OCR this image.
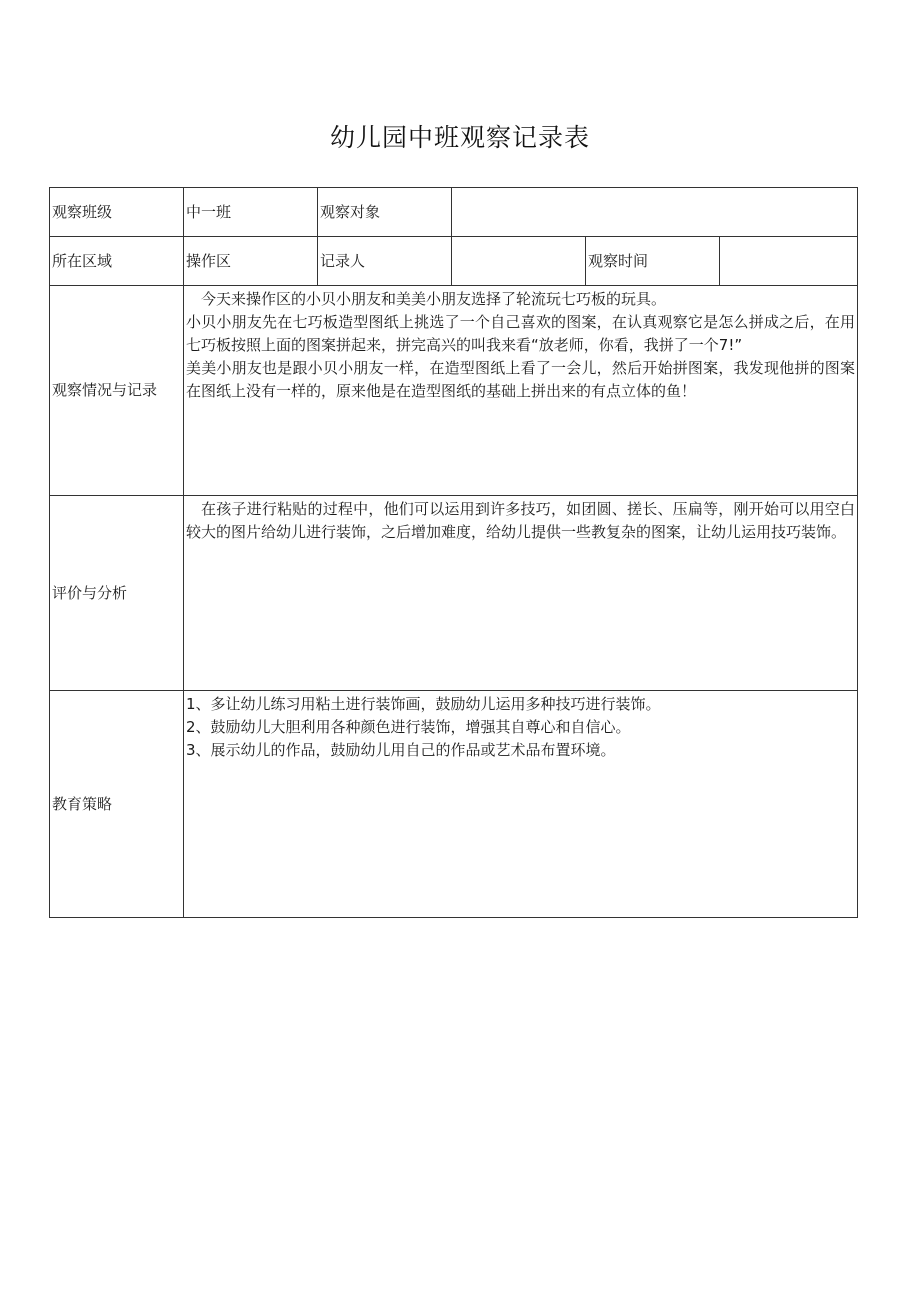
幼儿园中班观察记录表
观察班级	中一班	观察对象			
所在区域	操作区	记录人		观察时间	
观察情况与记录	今天来操作区的小贝小朋友和美美小朋友选择了轮流玩七巧板的玩具。

小贝小朋友先在七巧板造型图纸上挑选了一个自己喜欢的图案，在认真观察它是怎么拼成之后，在用七巧板按照上面的图案拼起来，拼完高兴的叫我来看“放老师，你看，我拼了一个7!”

美美小朋友也是跟小贝小朋友一样，在造型图纸上看了一会儿，然后开始拼图案，我发现他拼的图案在图纸上没有一样的，原来他是在造型图纸的基础上拼出来的有点立体的鱼！				

评价与分析	在孩子进行粘贴的过程中，他们可以运用到许多技巧，如团圆、搓长、压扁等，刚开始可以用空白较大的图片给幼儿进行装饰，之后增加难度，给幼儿提供一些教复杂的图案，让幼儿运用技巧装饰。				

教育策略	1、多让幼儿练习用粘土进行装饰画，鼓励幼儿运用多种技巧进行装饰。

2、鼓励幼儿大胆利用各种颜色进行装饰，增强其自尊心和自信心。

3、展示幼儿的作品，鼓励幼儿用自己的作品或艺术品布置环境。				
